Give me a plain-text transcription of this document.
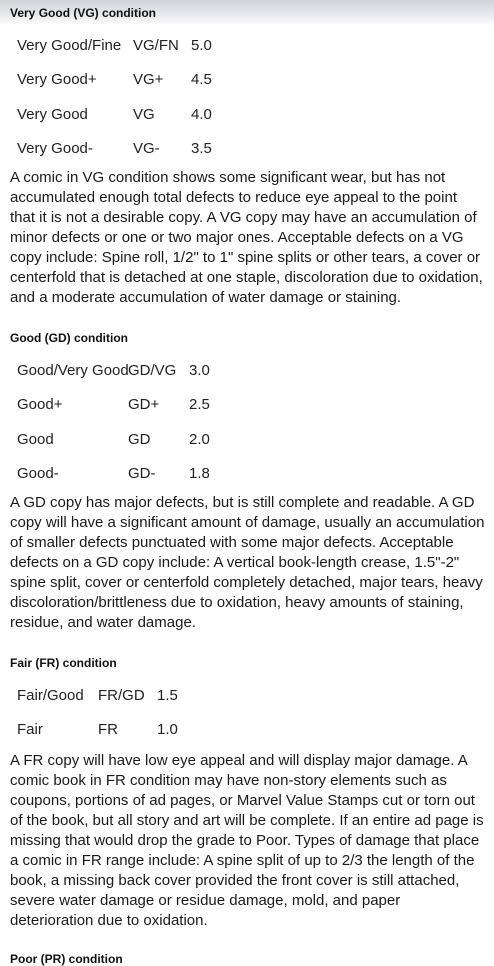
Very Good (VG) condition
Very Good/Fine VG/FN 5.0
Very Good+	VG+	4.5
Very Good	VG	4.0
Very Good-	VG-	3.5

A comic in VG condition shows some significant wear, but has not accumulated enough total defects to reduce eye appeal to the point that it is not a desirable copy. A VG copy may have an accumulation of minor defects or one or two major ones. Acceptable defects on a VG copy include: Spine roll, 1/2" to 1" spine splits or other tears, a cover or centerfold that is detached at one staple, discoloration due to oxidation, and a moderate accumulation of water damage or staining.

Good (GD) condition
Good/Very Good GD/VG 3.0
Good+	GD+	2.5
Good	GD	2.0
Good-	GD-	1.8

A GD copy has major defects, but is still complete and readable. A GD copy will have a significant amount of damage, usually an accumulation of smaller defects punctuated with some major defects. Acceptable defects on a GD copy include: A vertical book-length crease, 1.5"-2" spine split, cover or centerfold completely detached, major tears, heavy discoloration/brittleness due to oxidation, heavy amounts of staining, residue, and water damage.

Fair (FR) condition
Fair/Good FR/GD 1.5
Fair	FR	1.0

A FR copy will have low eye appeal and will display major damage. A comic book in FR condition may have non-story elements such as coupons, portions of ad pages, or Marvel Value Stamps cut or torn out of the book, but all story and art will be complete. If an entire ad page is missing that would drop the grade to Poor. Types of damage that place a comic in FR range include: A spine split of up to 2/3 the length of the book, a missing back cover provided the front cover is still attached, severe water damage or residue damage, mold, and paper deterioration due to oxidation.

Poor (PR) condition
